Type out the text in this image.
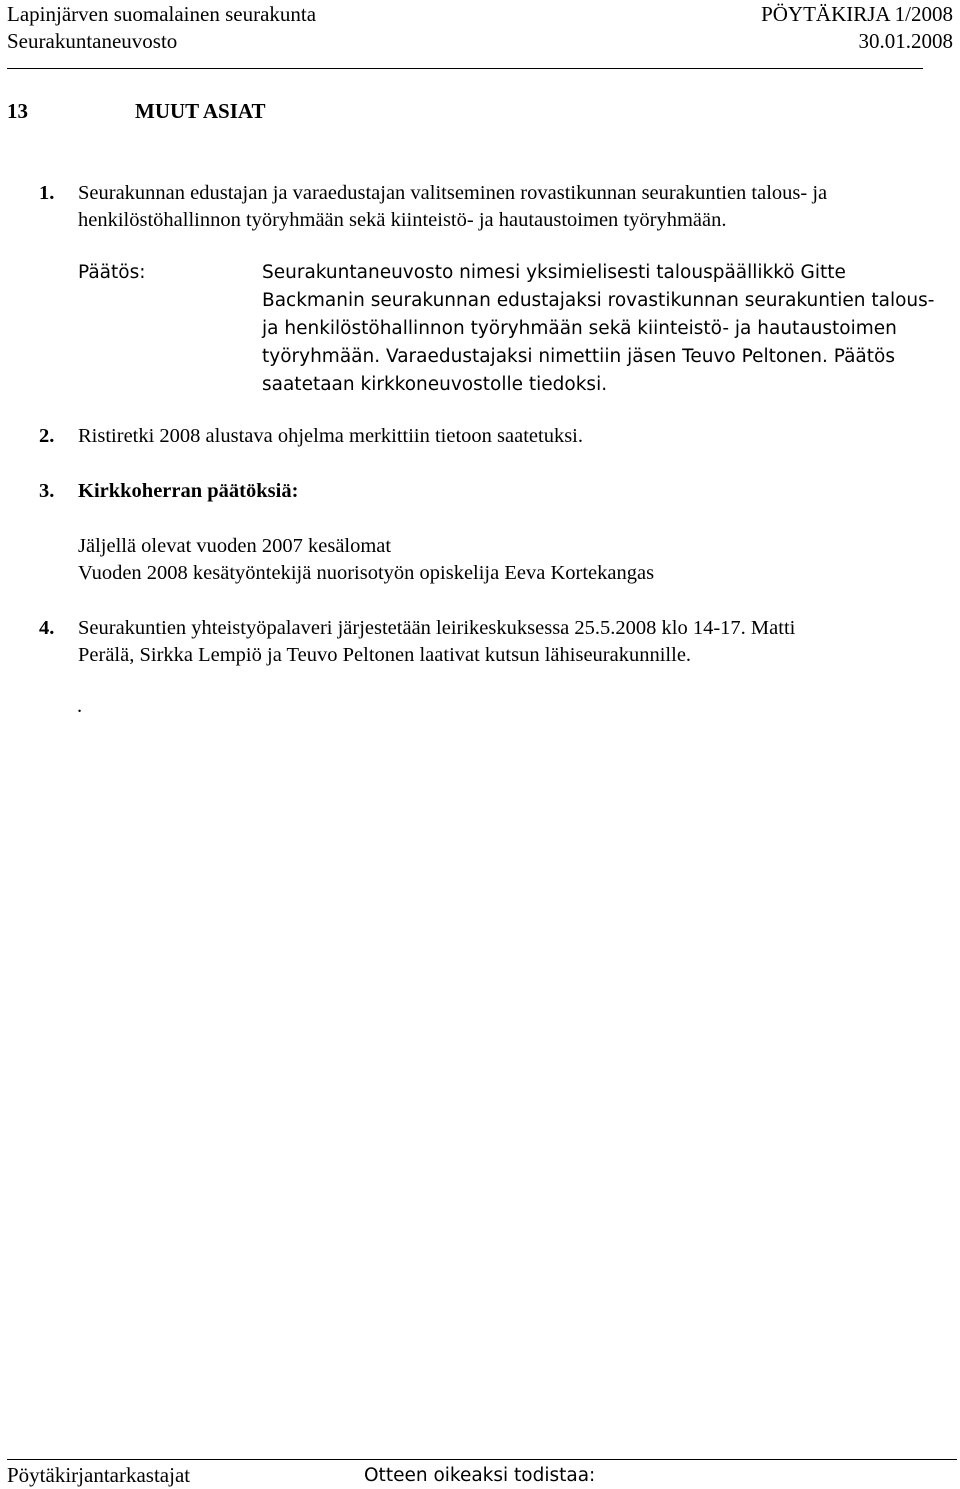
Lapinjärven suomalainen seurakunta	PÖYTÄKIRJA 1/2008
Seurakuntaneuvosto	30.01.2008
13	MUUT ASIAT
1. Seurakunnan edustajan ja varaedustajan valitseminen rovastikunnan seurakuntien talous- ja
henkilöstöhallinnon työryhmään sekä kiinteistö- ja hautaustoimen työryhmään.
Päätös:	Seurakuntaneuvosto nimesi yksimielisesti talouspäällikkö Gitte
Backmanin seurakunnan edustajaksi rovastikunnan seurakuntien talous-
ja henkilöstöhallinnon työryhmään sekä kiinteistö- ja hautaustoimen
työryhmään. Varaedustajaksi nimettiin jäsen Teuvo Peltonen. Päätös
saatetaan kirkkoneuvostolle tiedoksi.
2. Ristiretki 2008 alustava ohjelma merkittiin tietoon saatetuksi.
3. Kirkkoherran päätöksiä:
Jäljellä olevat vuoden 2007 kesälomat
Vuoden 2008 kesätyöntekijä nuorisotyön opiskelija Eeva Kortekangas
4. Seurakuntien yhteistyöpalaveri järjestetään leirikeskuksessa 25.5.2008 klo 14-17. Matti
Perälä, Sirkka Lempiö ja Teuvo Peltonen laativat kutsun lähiseurakunnille.
.
Pöytäkirjantarkastajat	Otteen oikeaksi todistaa:
